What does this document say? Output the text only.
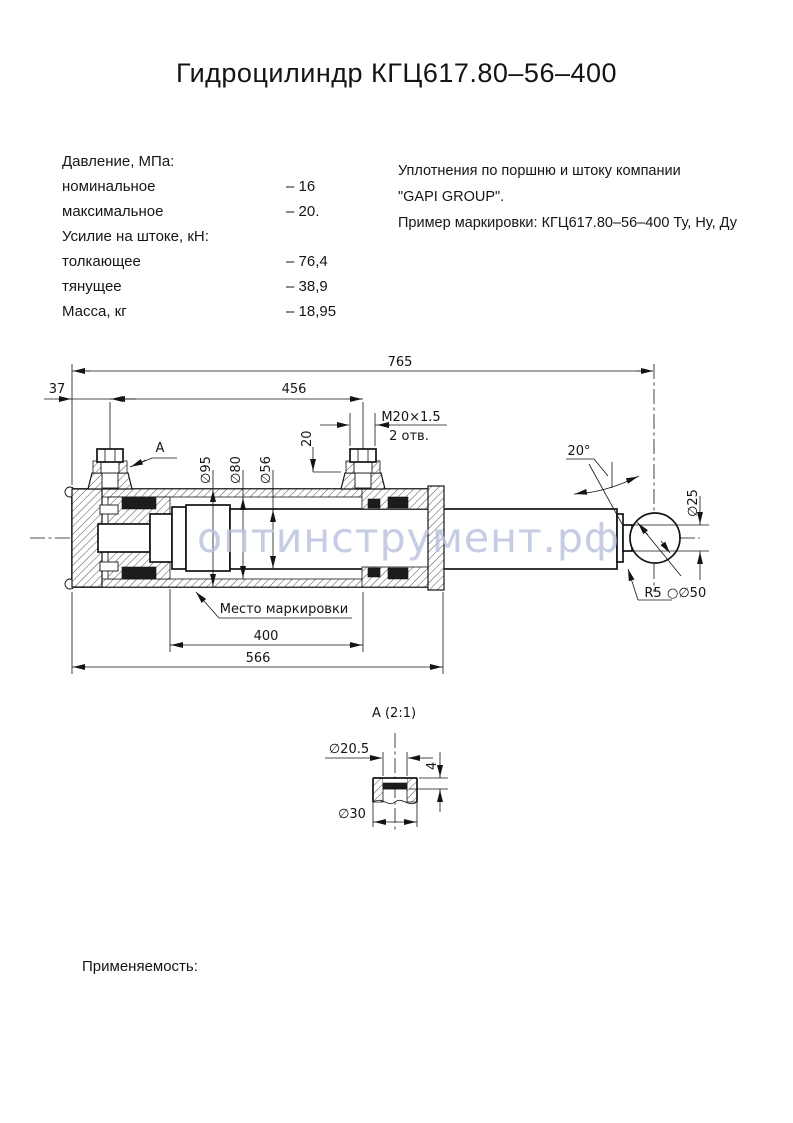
Гидроцилиндр КГЦ617.80–56–400
Давление, МПа:
номинальное	– 16
максимальное	– 20.
Усилие на штоке, кН:
толкающее	– 76,4
тянущее	– 38,9
Масса, кг	– 18,95
Уплотнения по поршню и штоку компании
"GAPI GROUP".
Пример маркировки: КГЦ617.80–56–400 Ту, Ну, Ду
765
37	456
M20×1.5
2 отв.
20
∅95 ∅80 ∅56
A	20°
∅25
R5 ○∅50
Место маркировки
400
566
A (2:1)
∅20.5
4
∅30
оптинструмент.рф
Применяемость:
